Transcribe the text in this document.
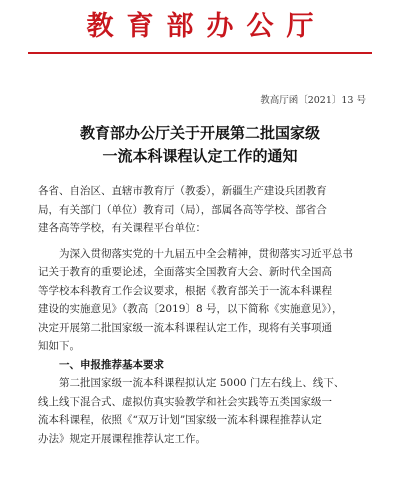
教育部办公厅
教高厅函〔2021〕13 号
教育部办公厅关于开展第二批国家级
一流本科课程认定工作的通知
各省、自治区、直辖市教育厅（教委），新疆生产建设兵团教育
局，有关部门（单位）教育司（局），部属各高等学校、部省合
建各高等学校，有关课程平台单位：
为深入贯彻落实党的十九届五中全会精神，贯彻落实习近平总书
记关于教育的重要论述，全面落实全国教育大会、新时代全国高
等学校本科教育工作会议要求，根据《教育部关于一流本科课程
建设的实施意见》（教高〔2019〕8 号，以下简称《实施意见》），
决定开展第二批国家级一流本科课程认定工作，现将有关事项通
知如下。
一、申报推荐基本要求
第二批国家级一流本科课程拟认定 5000 门左右线上、线下、
线上线下混合式、虚拟仿真实验教学和社会实践等五类国家级一
流本科课程，依照《“双万计划”国家级一流本科课程推荐认定
办法》规定开展课程推荐认定工作。
